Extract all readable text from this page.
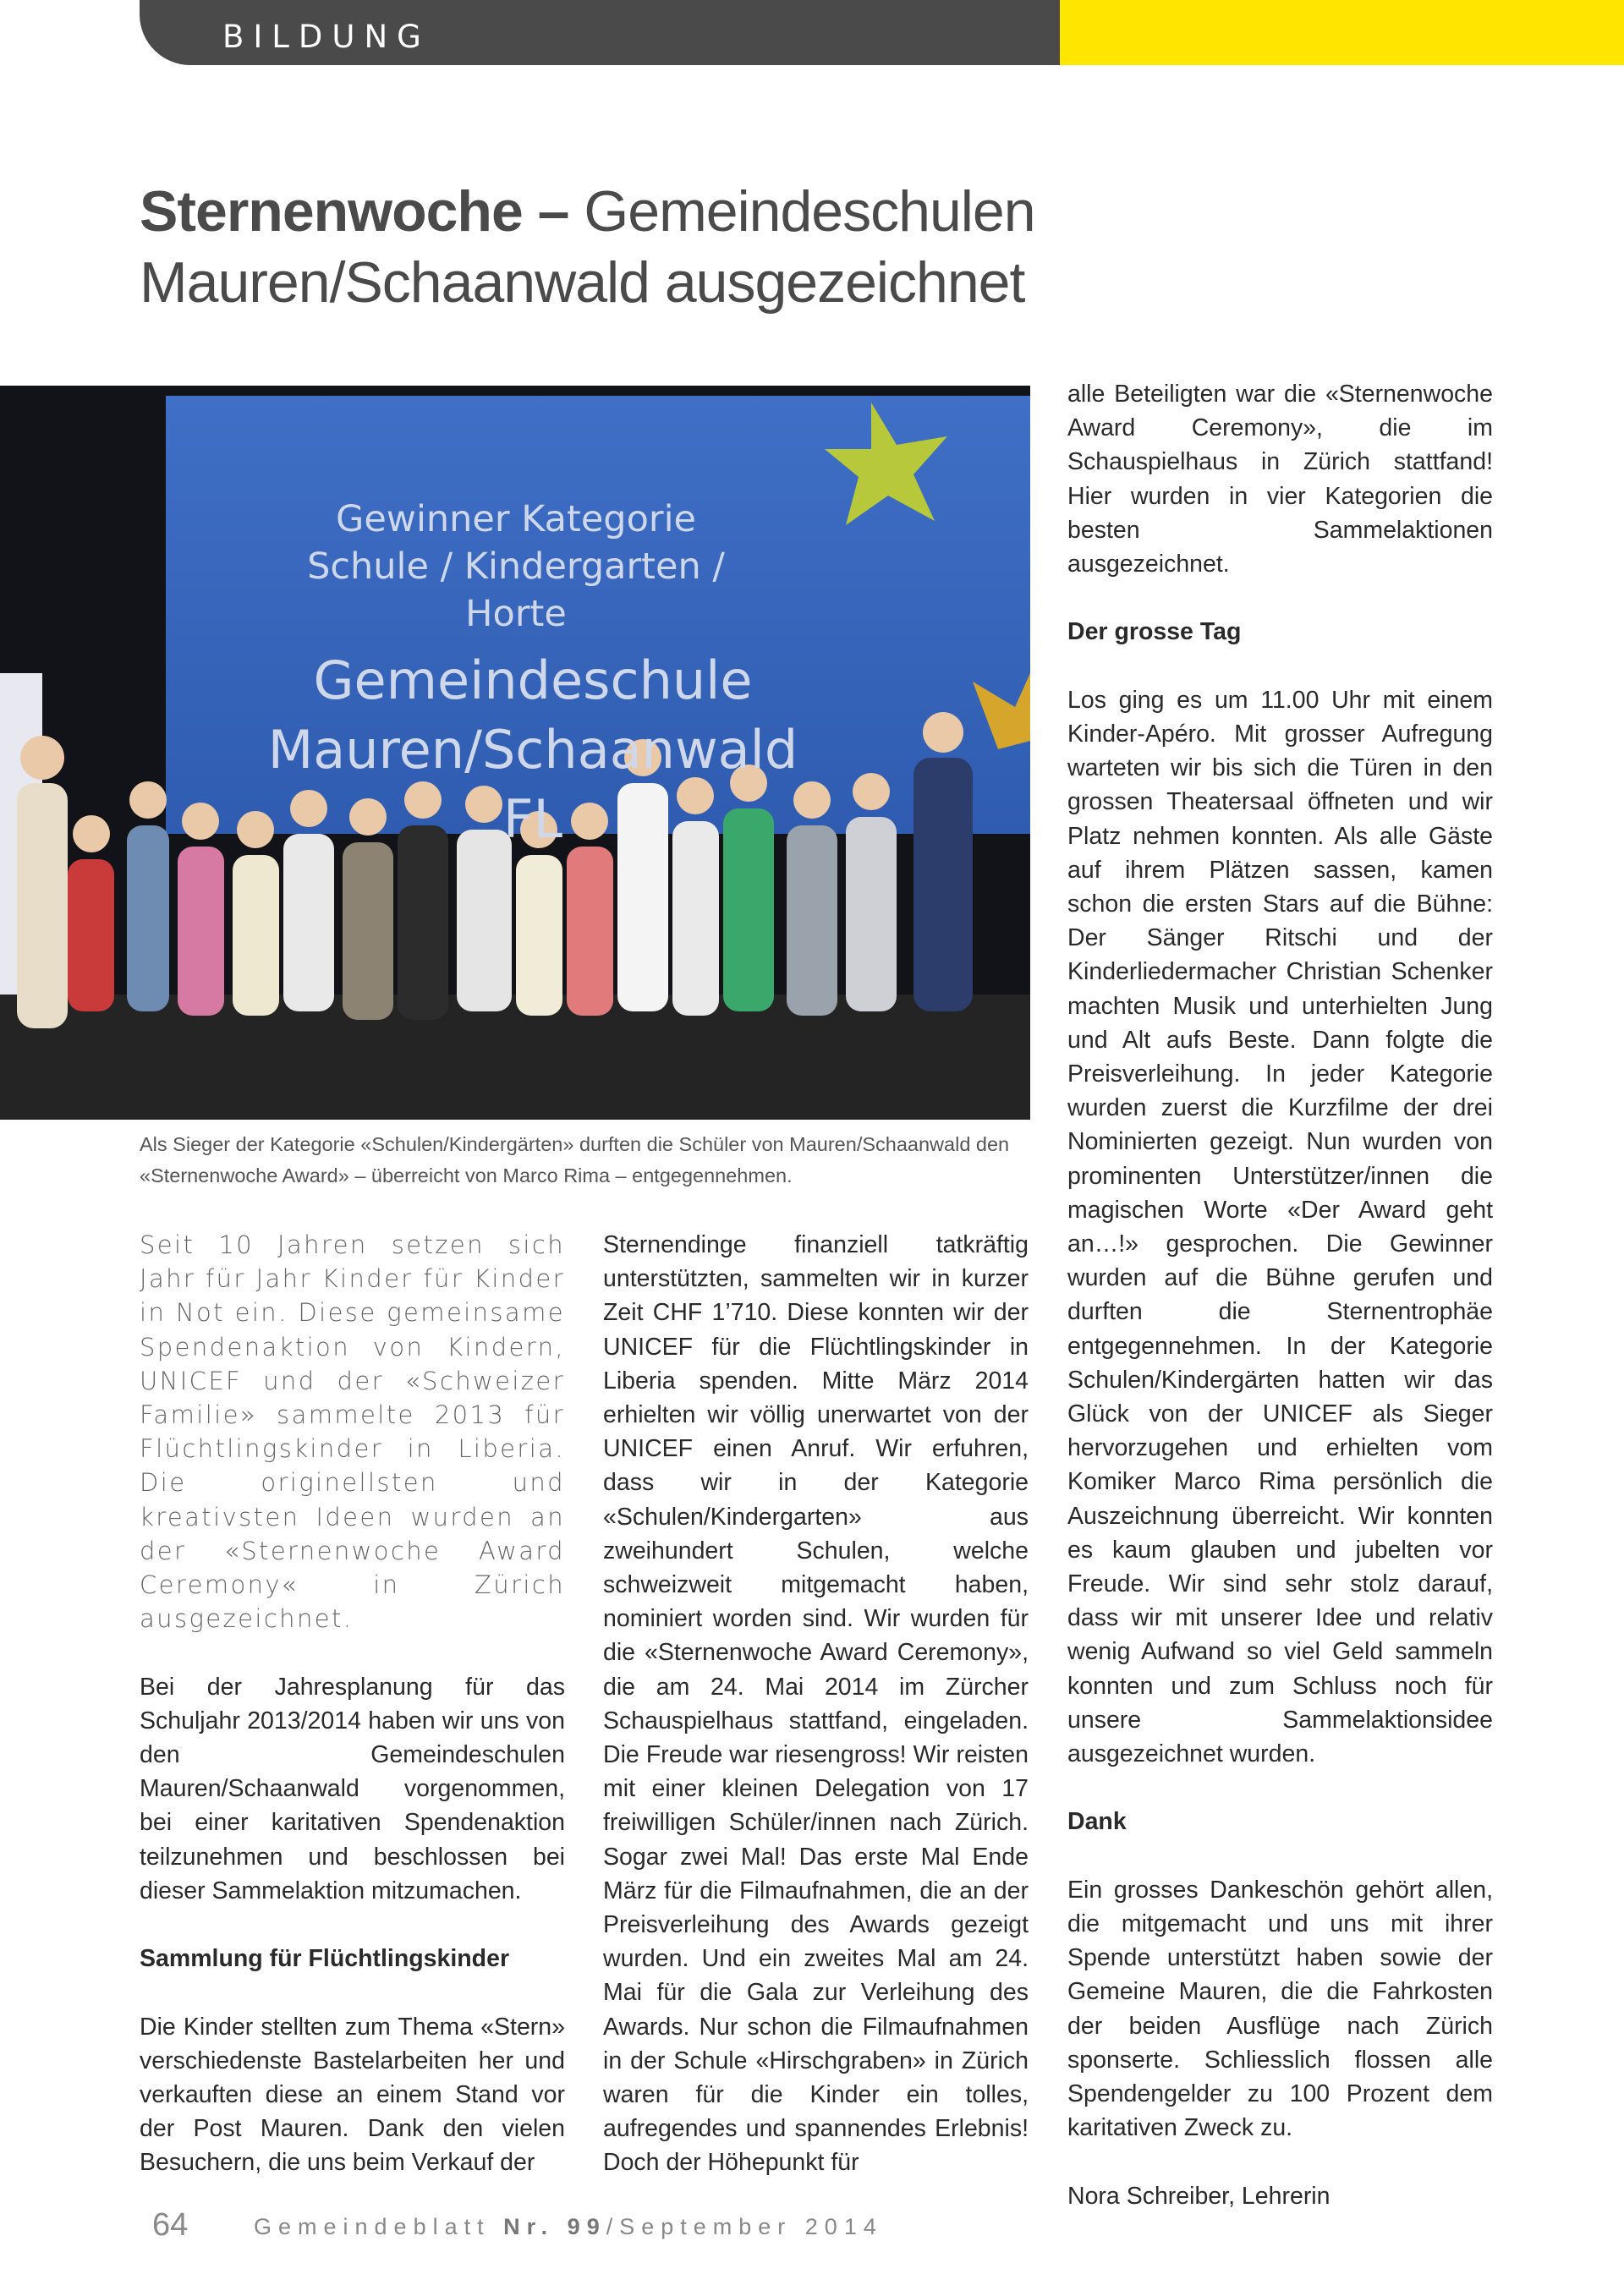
BILDUNG
Sternenwoche – Gemeindeschulen
Mauren/Schaanwald ausgezeichnet
Gewinner Kategorie
Schule / Kindergarten / Horte
Gemeindeschule
Mauren/Schaanwald FL
Als Sieger der Kategorie «Schulen/Kindergärten» durften die Schüler von Mauren/Schaanwald den «Sternenwoche Award» – überreicht von Marco Rima – entgegennehmen.

Seit 10 Jahren setzen sich Jahr für Jahr Kinder für Kinder in Not ein. Diese gemeinsame Spendenaktion von Kindern, UNICEF und der «Schweizer Familie» sammelte 2013 für Flüchtlingskinder in Liberia. Die originellsten und kreativsten Ideen wurden an der «Sternenwoche Award Ceremony« in Zürich ausgezeichnet.

Bei der Jahresplanung für das Schuljahr 2013/2014 haben wir uns von den Gemeindeschulen Mauren/Schaanwald vorgenommen, bei einer karitativen Spendenaktion teilzunehmen und beschlossen bei dieser Sammelaktion mitzumachen.

Sammlung für Flüchtlingskinder

Die Kinder stellten zum Thema «Stern» verschiedenste Bastelarbeiten her und verkauften diese an einem Stand vor der Post Mauren. Dank den vielen Besuchern, die uns beim Verkauf der

Sternendinge finanziell tatkräftig unterstützten, sammelten wir in kurzer Zeit CHF 1’710. Diese konnten wir der UNICEF für die Flüchtlingskinder in Liberia spenden. Mitte März 2014 erhielten wir völlig unerwartet von der UNICEF einen Anruf. Wir erfuhren, dass wir in der Kategorie «Schulen/Kindergarten» aus zweihundert Schulen, welche schweizweit mitgemacht haben, nominiert worden sind. Wir wurden für die «Sternenwoche Award Ceremony», die am 24. Mai 2014 im Zürcher Schauspielhaus stattfand, eingeladen. Die Freude war riesengross! Wir reisten mit einer kleinen Delegation von 17 freiwilligen Schüler/innen nach Zürich. Sogar zwei Mal! Das erste Mal Ende März für die Filmaufnahmen, die an der Preisverleihung des Awards gezeigt wurden. Und ein zweites Mal am 24. Mai für die Gala zur Verleihung des Awards. Nur schon die Filmaufnahmen in der Schule «Hirschgraben» in Zürich waren für die Kinder ein tolles, aufregendes und spannendes Erlebnis! Doch der Höhepunkt für

alle Beteiligten war die «Sternenwoche Award Ceremony», die im Schauspielhaus in Zürich stattfand! Hier wurden in vier Kategorien die besten Sammelaktionen ausgezeichnet.

Der grosse Tag

Los ging es um 11.00 Uhr mit einem Kinder-Apéro. Mit grosser Aufregung warteten wir bis sich die Türen in den grossen Theatersaal öffneten und wir Platz nehmen konnten. Als alle Gäste auf ihrem Plätzen sassen, kamen schon die ersten Stars auf die Bühne: Der Sänger Ritschi und der Kinderliedermacher Christian Schenker machten Musik und unterhielten Jung und Alt aufs Beste. Dann folgte die Preisverleihung. In jeder Kategorie wurden zuerst die Kurzfilme der drei Nominierten gezeigt. Nun wurden von prominenten Unterstützer/innen die magischen Worte «Der Award geht an…!» gesprochen. Die Gewinner wurden auf die Bühne gerufen und durften die Sternentrophäe entgegennehmen. In der Kategorie Schulen/Kindergärten hatten wir das Glück von der UNICEF als Sieger hervorzugehen und erhielten vom Komiker Marco Rima persönlich die Auszeichnung überreicht. Wir konnten es kaum glauben und jubelten vor Freude. Wir sind sehr stolz darauf, dass wir mit unserer Idee und relativ wenig Aufwand so viel Geld sammeln konnten und zum Schluss noch für unsere Sammelaktionsidee ausgezeichnet wurden.

Dank

Ein grosses Dankeschön gehört allen, die mitgemacht und uns mit ihrer Spende unterstützt haben sowie der Gemeine Mauren, die die Fahrkosten der beiden Ausflüge nach Zürich sponserte. Schliesslich flossen alle Spendengelder zu 100 Prozent dem karitativen Zweck zu.

Nora Schreiber, Lehrerin

64	Gemeindeblatt Nr. 99/September 2014
